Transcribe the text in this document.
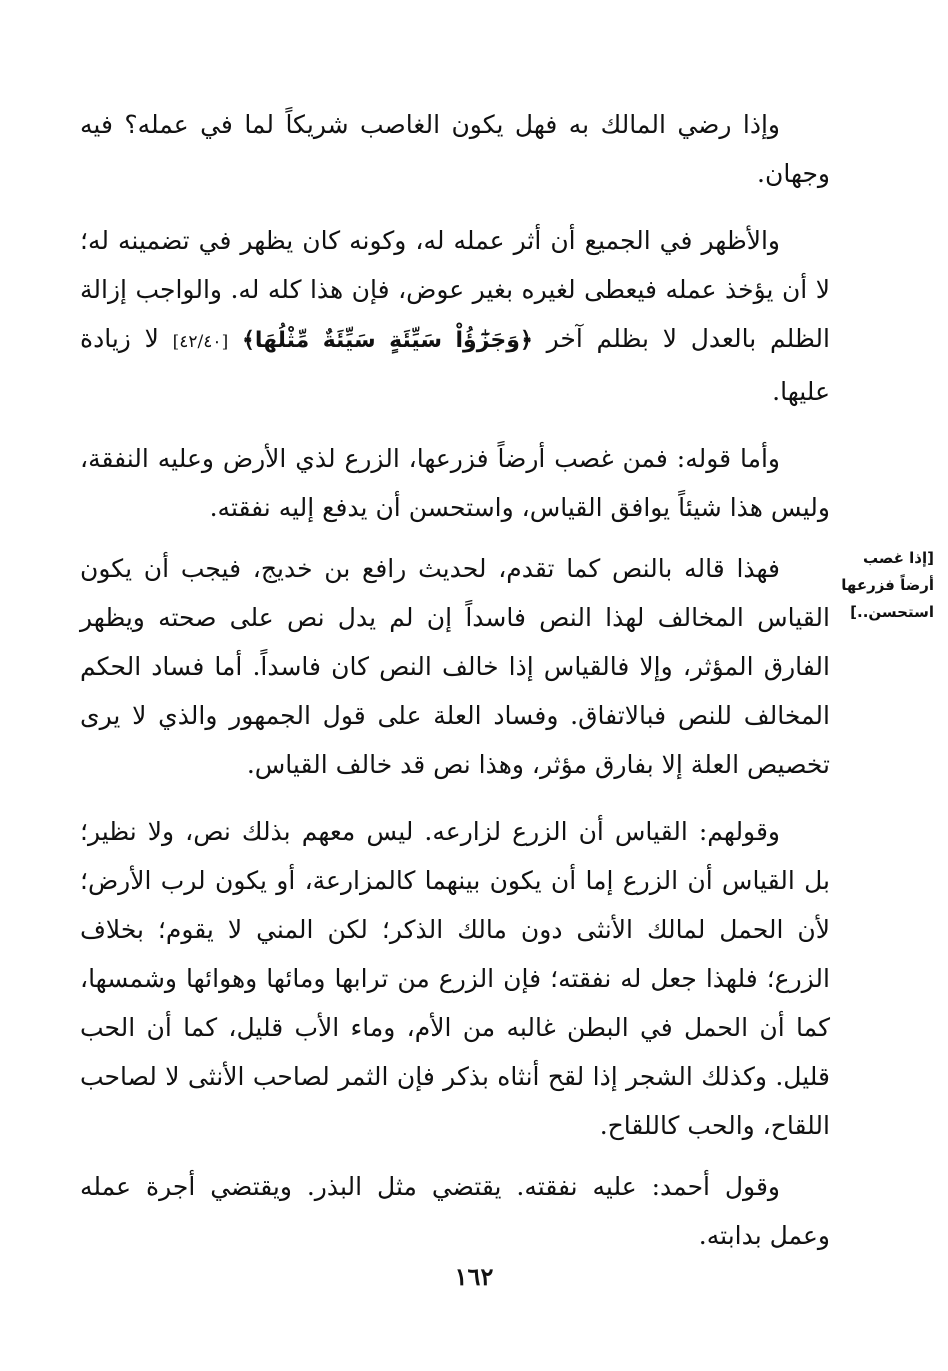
وإذا رضي المالك به فهل يكون الغاصب شريكاً لما في عمله؟ فيه وجهان.

والأظهر في الجميع أن أثر عمله له، وكونه كان يظهر في تضمينه له؛ لا أن يؤخذ عمله فيعطى لغيره بغير عوض، فإن هذا كله له. والواجب إزالة الظلم بالعدل لا بظلم آخر ﴿وَجَزَٰٓؤُاْ سَيِّئَةٍ سَيِّئَةٌ مِّثْلُهَا﴾ [٤٢/٤٠] لا زيادة عليها.

وأما قوله: فمن غصب أرضاً فزرعها، الزرع لذي الأرض وعليه النفقة، وليس هذا شيئاً يوافق القياس، واستحسن أن يدفع إليه نفقته.

فهذا قاله بالنص كما تقدم، لحديث رافع بن خديج، فيجب أن يكون القياس المخالف لهذا النص فاسداً إن لم يدل نص على صحته ويظهر الفارق المؤثر، وإلا فالقياس إذا خالف النص كان فاسداً. أما فساد الحكم المخالف للنص فبالاتفاق. وفساد العلة على قول الجمهور والذي لا يرى تخصيص العلة إلا بفارق مؤثر، وهذا نص قد خالف القياس.

وقولهم: القياس أن الزرع لزارعه. ليس معهم بذلك نص، ولا نظير؛ بل القياس أن الزرع إما أن يكون بينهما كالمزارعة، أو يكون لرب الأرض؛ لأن الحمل لمالك الأنثى دون مالك الذكر؛ لكن المني لا يقوم؛ بخلاف الزرع؛ فلهذا جعل له نفقته؛ فإن الزرع من ترابها ومائها وهوائها وشمسها، كما أن الحمل في البطن غالبه من الأم، وماء الأب قليل، كما أن الحب قليل. وكذلك الشجر إذا لقح أنثاه بذكر فإن الثمر لصاحب الأنثى لا لصاحب اللقاح، والحب كاللقاح.

وقول أحمد: عليه نفقته. يقتضي مثل البذر. ويقتضي أجرة عمله وعمل بدابته.

[إذا غصب
أرضاً فزرعها
استحسن..]
١٦٢
